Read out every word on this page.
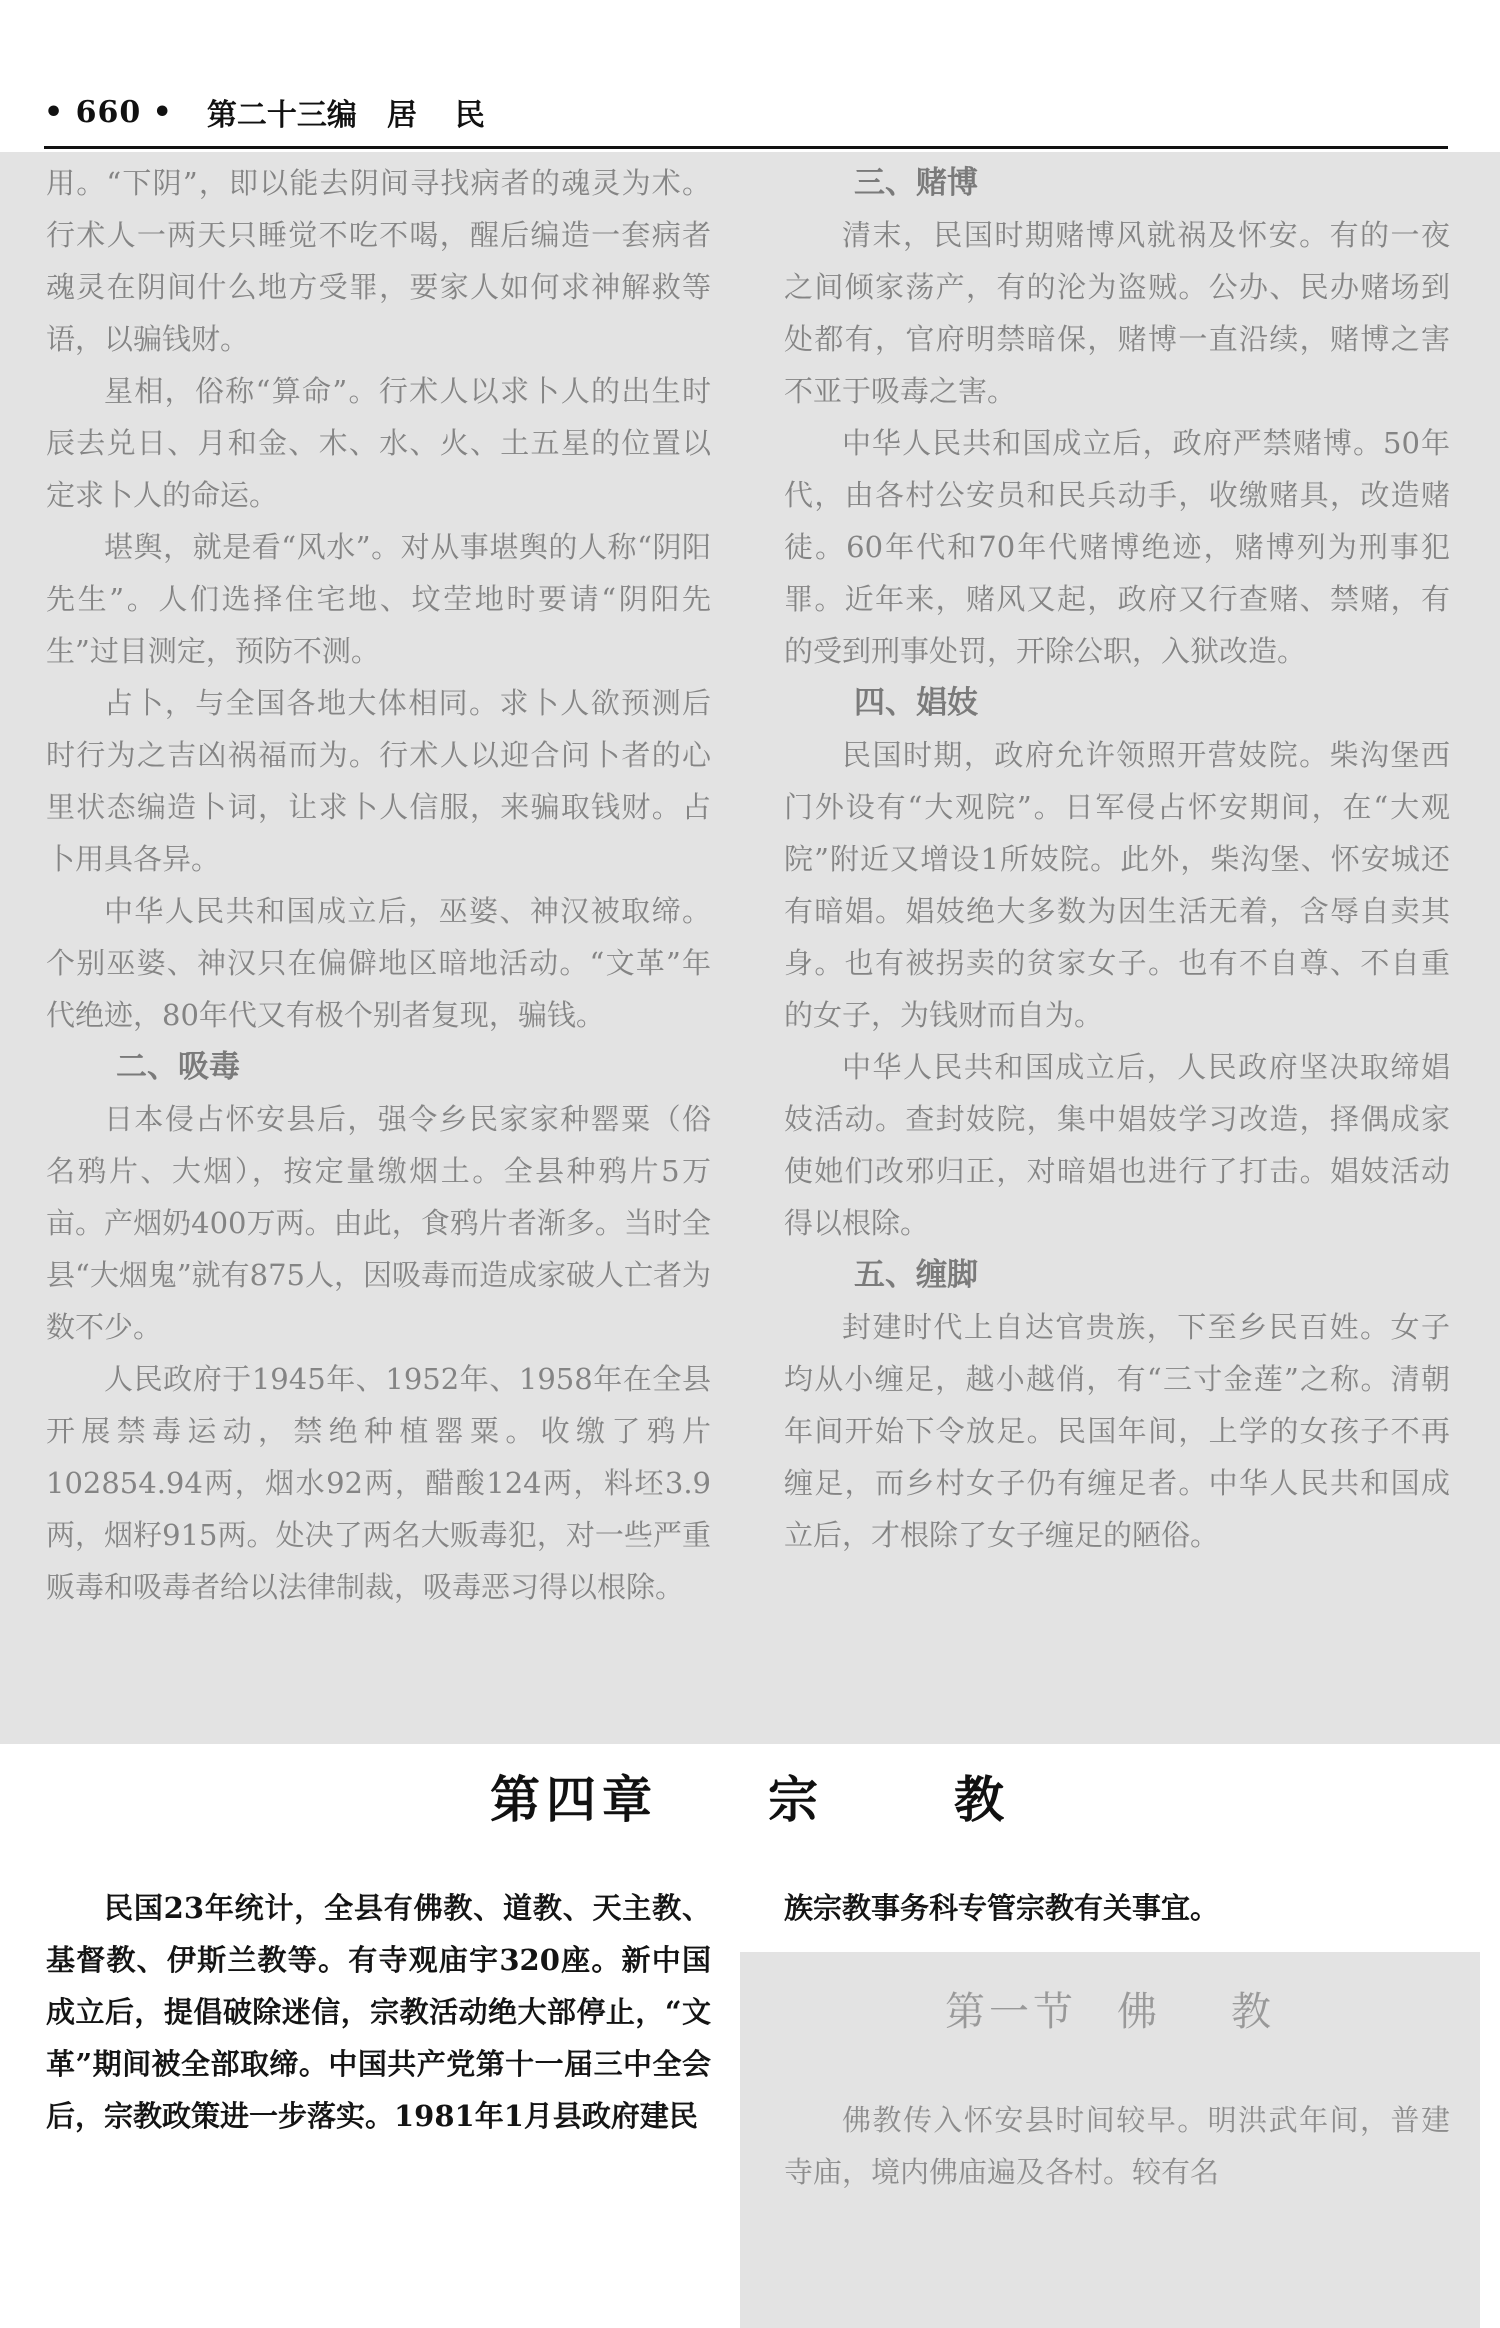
• 660 • 第二十三编 居 民

用。“下阴”，即以能去阴间寻找病者的魂灵为术。行术人一两天只睡觉不吃不喝，醒后编造一套病者魂灵在阴间什么地方受罪，要家人如何求神解救等语，以骗钱财。

星相，俗称“算命”。行术人以求卜人的出生时辰去兑日、月和金、木、水、火、土五星的位置以定求卜人的命运。

堪舆，就是看“风水”。对从事堪舆的人称“阴阳先生”。人们选择住宅地、坟茔地时要请“阴阳先生”过目测定，预防不测。

占卜，与全国各地大体相同。求卜人欲预测后时行为之吉凶祸福而为。行术人以迎合问卜者的心里状态编造卜词，让求卜人信服，来骗取钱财。占卜用具各异。

中华人民共和国成立后，巫婆、神汉被取缔。个别巫婆、神汉只在偏僻地区暗地活动。“文革”年代绝迹，80年代又有极个别者复现，骗钱。

二、吸毒

日本侵占怀安县后，强令乡民家家种罂粟（俗名鸦片、大烟），按定量缴烟土。全县种鸦片5万亩。产烟奶400万两。由此，食鸦片者渐多。当时全县“大烟鬼”就有875人，因吸毒而造成家破人亡者为数不少。

人民政府于1945年、1952年、1958年在全县开展禁毒运动，禁绝种植罂粟。收缴了鸦片102854.94两，烟水92两，醋酸124两，料坯3.9两，烟籽915两。处决了两名大贩毒犯，对一些严重贩毒和吸毒者给以法律制裁，吸毒恶习得以根除。

三、赌博

清末，民国时期赌博风就祸及怀安。有的一夜之间倾家荡产，有的沦为盗贼。公办、民办赌场到处都有，官府明禁暗保，赌博一直沿续，赌博之害不亚于吸毒之害。

中华人民共和国成立后，政府严禁赌博。50年代，由各村公安员和民兵动手，收缴赌具，改造赌徒。60年代和70年代赌博绝迹，赌博列为刑事犯罪。近年来，赌风又起，政府又行查赌、禁赌，有的受到刑事处罚，开除公职，入狱改造。

四、娼妓

民国时期，政府允许领照开营妓院。柴沟堡西门外设有“大观院”。日军侵占怀安期间，在“大观院”附近又增设1所妓院。此外，柴沟堡、怀安城还有暗娼。娼妓绝大多数为因生活无着，含辱自卖其身。也有被拐卖的贫家女子。也有不自尊、不自重的女子，为钱财而自为。

中华人民共和国成立后，人民政府坚决取缔娼妓活动。查封妓院，集中娼妓学习改造，择偶成家使她们改邪归正，对暗娼也进行了打击。娼妓活动得以根除。

五、缠脚

封建时代上自达官贵族，下至乡民百姓。女子均从小缠足，越小越俏，有“三寸金莲”之称。清朝年间开始下令放足。民国年间，上学的女孩子不再缠足，而乡村女子仍有缠足者。中华人民共和国成立后，才根除了女子缠足的陋俗。

第四章 宗	教

民国23年统计，全县有佛教、道教、天主教、基督教、伊斯兰教等。有寺观庙宇320座。新中国成立后，提倡破除迷信，宗教活动绝大部停止，“文革”期间被全部取缔。中国共产党第十一届三中全会后，宗教政策进一步落实。1981年1月县政府建民

族宗教事务科专管宗教有关事宜。

第一节 佛 教

佛教传入怀安县时间较早。明洪武年间，普建寺庙，境内佛庙遍及各村。较有名
